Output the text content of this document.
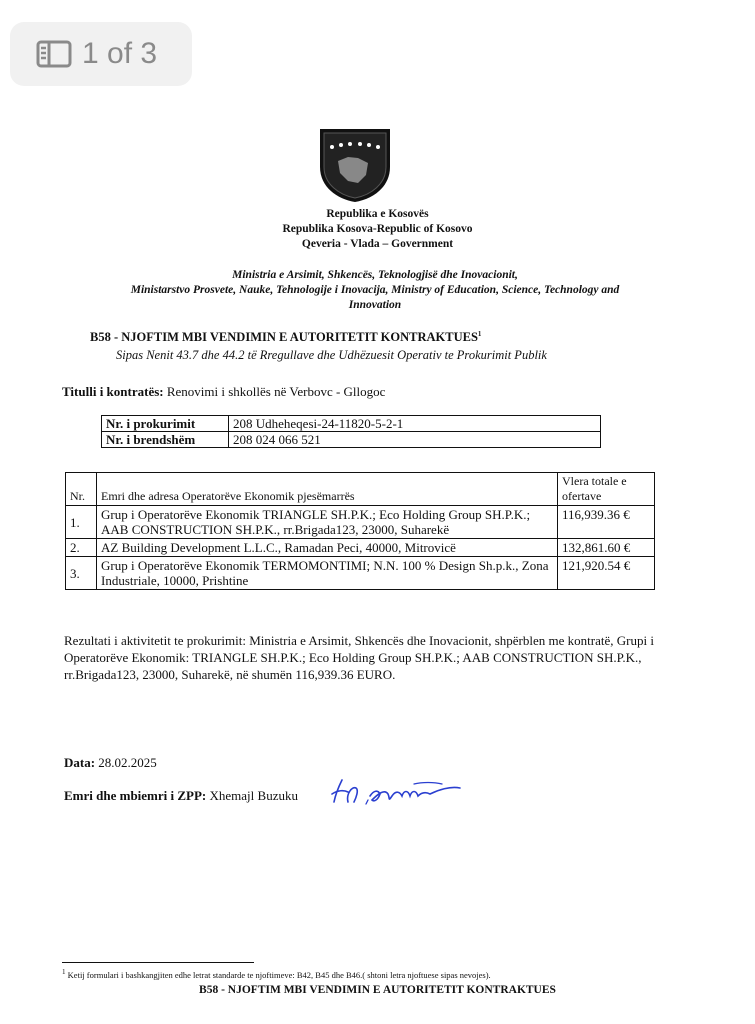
1 of 3
Republika e Kosovës
Republika Kosova-Republic of Kosovo
Qeveria - Vlada – Government
Ministria e Arsimit, Shkencës, Teknologjisë dhe Inovacionit,
Ministarstvo Prosvete, Nauke, Tehnologije i Inovacija, Ministry of Education, Science, Technology and
Innovation
B58 - NJOFTIM MBI VENDIMIN E AUTORITETIT KONTRAKTUES$^1$
Sipas Nenit 43.7 dhe 44.2 të Rregullave dhe Udhëzuesit Operativ te Prokurimit Publik
Titulli i kontratës: Renovimi i shkollës në Verbovc - Gllogoc
Nr. i prokurimit	208 Udheheqesi-24-11820-5-2-1
Nr. i brendshëm	208 024 066 521
Nr.	Emri dhe adresa Operatorëve Ekonomik pjesëmarrës	Vlera totale e ofertave
1.	Grup i Operatorëve Ekonomik TRIANGLE SH.P.K.; Eco Holding Group SH.P.K.; AAB CONSTRUCTION SH.P.K., rr.Brigada123, 23000, Suharekë	116,939.36 €
2.	AZ Building Development L.L.C., Ramadan Peci, 40000, Mitrovicë	132,861.60 €
3.	Grup i Operatorëve Ekonomik TERMOMONTIMI; N.N. 100 % Design Sh.p.k., Zona Industriale, 10000, Prishtine	121,920.54 €
Rezultati i aktivitetit te prokurimit: Ministria e Arsimit, Shkencës dhe Inovacionit, shpërblen me kontratë, Grupi i Operatorëve Ekonomik: TRIANGLE SH.P.K.; Eco Holding Group SH.P.K.; AAB CONSTRUCTION SH.P.K., rr.Brigada123, 23000, Suharekë, në shumën 116,939.36 EURO.
Data: 28.02.2025
Emri dhe mbiemri i ZPP: Xhemajl Buzuku
$^1$ Ketij formulari i bashkangjiten edhe letrat standarde te njoftimeve: B42, B45 dhe B46.( shtoni letra njoftuese sipas nevojes).
B58 - NJOFTIM MBI VENDIMIN E AUTORITETIT KONTRAKTUES
